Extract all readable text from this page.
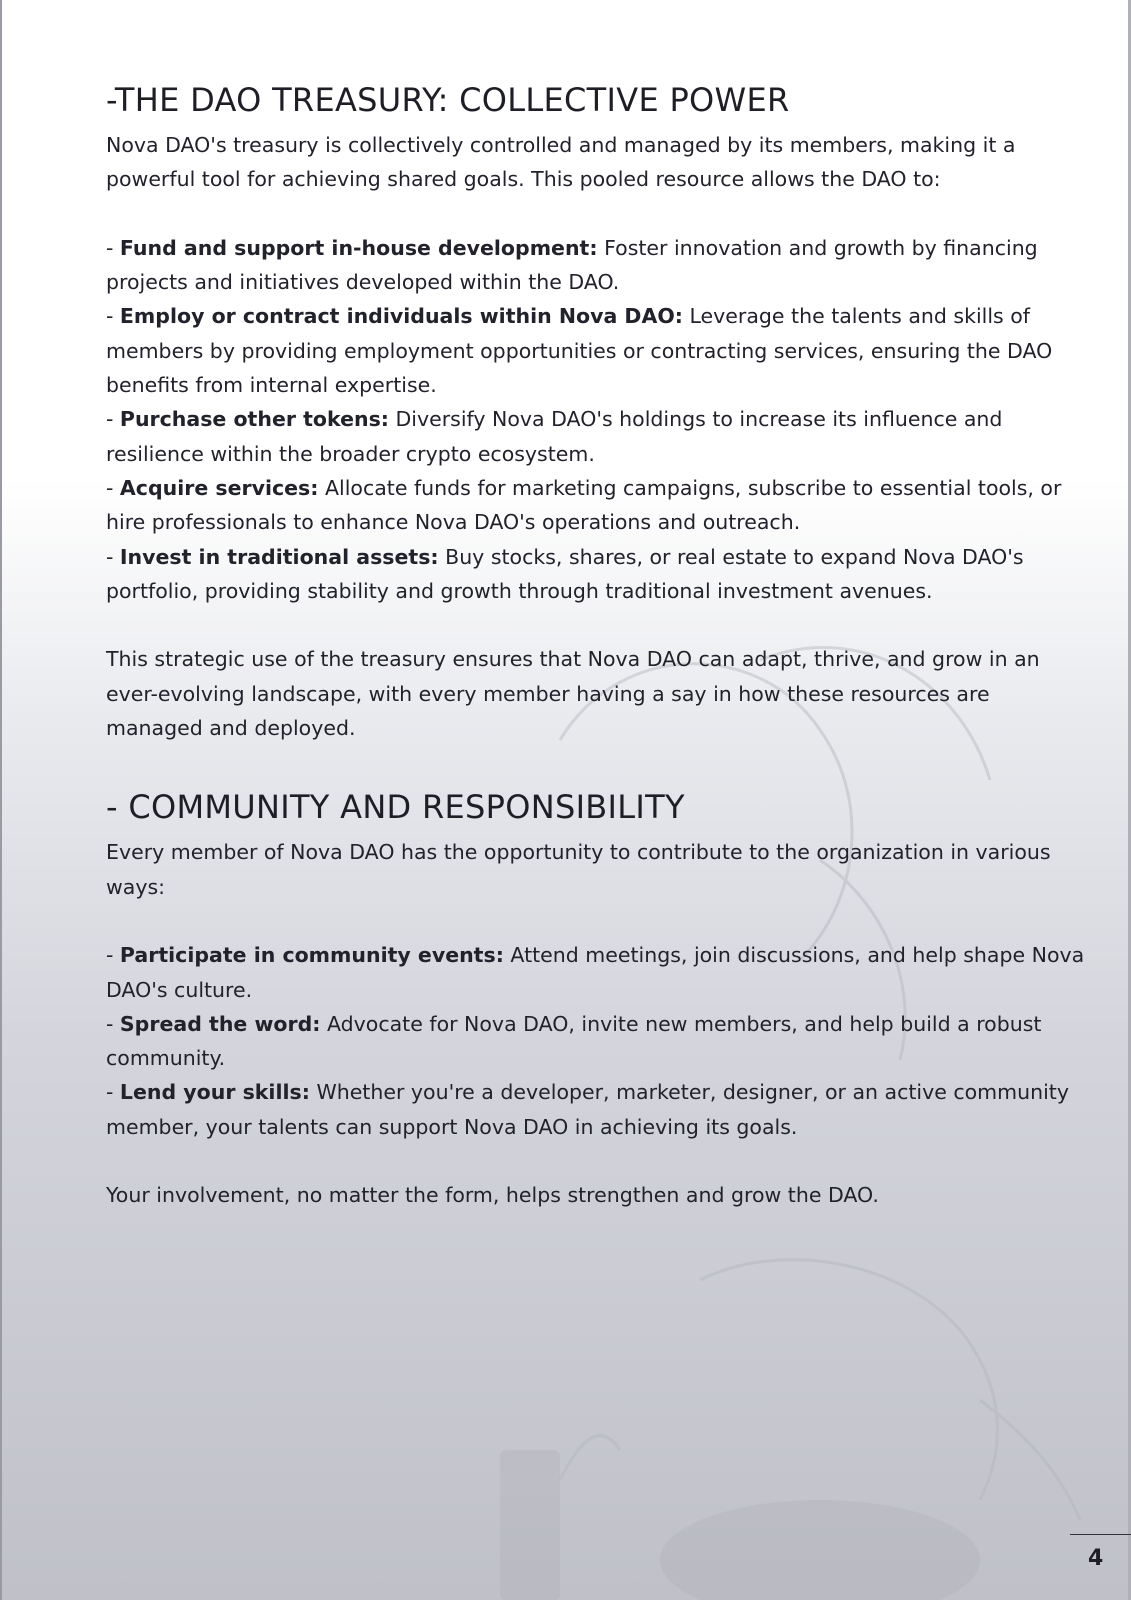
-THE DAO TREASURY: COLLECTIVE POWER

Nova DAO's treasury is collectively controlled and managed by its members, making it a powerful tool for achieving shared goals. This pooled resource allows the DAO to:

- Fund and support in-house development: Foster innovation and growth by financing projects and initiatives developed within the DAO.
- Employ or contract individuals within Nova DAO: Leverage the talents and skills of members by providing employment opportunities or contracting services, ensuring the DAO benefits from internal expertise.
- Purchase other tokens: Diversify Nova DAO's holdings to increase its influence and resilience within the broader crypto ecosystem.
- Acquire services: Allocate funds for marketing campaigns, subscribe to essential tools, or hire professionals to enhance Nova DAO's operations and outreach.
- Invest in traditional assets: Buy stocks, shares, or real estate to expand Nova DAO's portfolio, providing stability and growth through traditional investment avenues.

This strategic use of the treasury ensures that Nova DAO can adapt, thrive, and grow in an ever-evolving landscape, with every member having a say in how these resources are managed and deployed.

- COMMUNITY AND RESPONSIBILITY

Every member of Nova DAO has the opportunity to contribute to the organization in various ways:

- Participate in community events: Attend meetings, join discussions, and help shape Nova DAO's culture.
- Spread the word: Advocate for Nova DAO, invite new members, and help build a robust community.
- Lend your skills: Whether you're a developer, marketer, designer, or an active community member, your talents can support Nova DAO in achieving its goals.

Your involvement, no matter the form, helps strengthen and grow the DAO.

4
